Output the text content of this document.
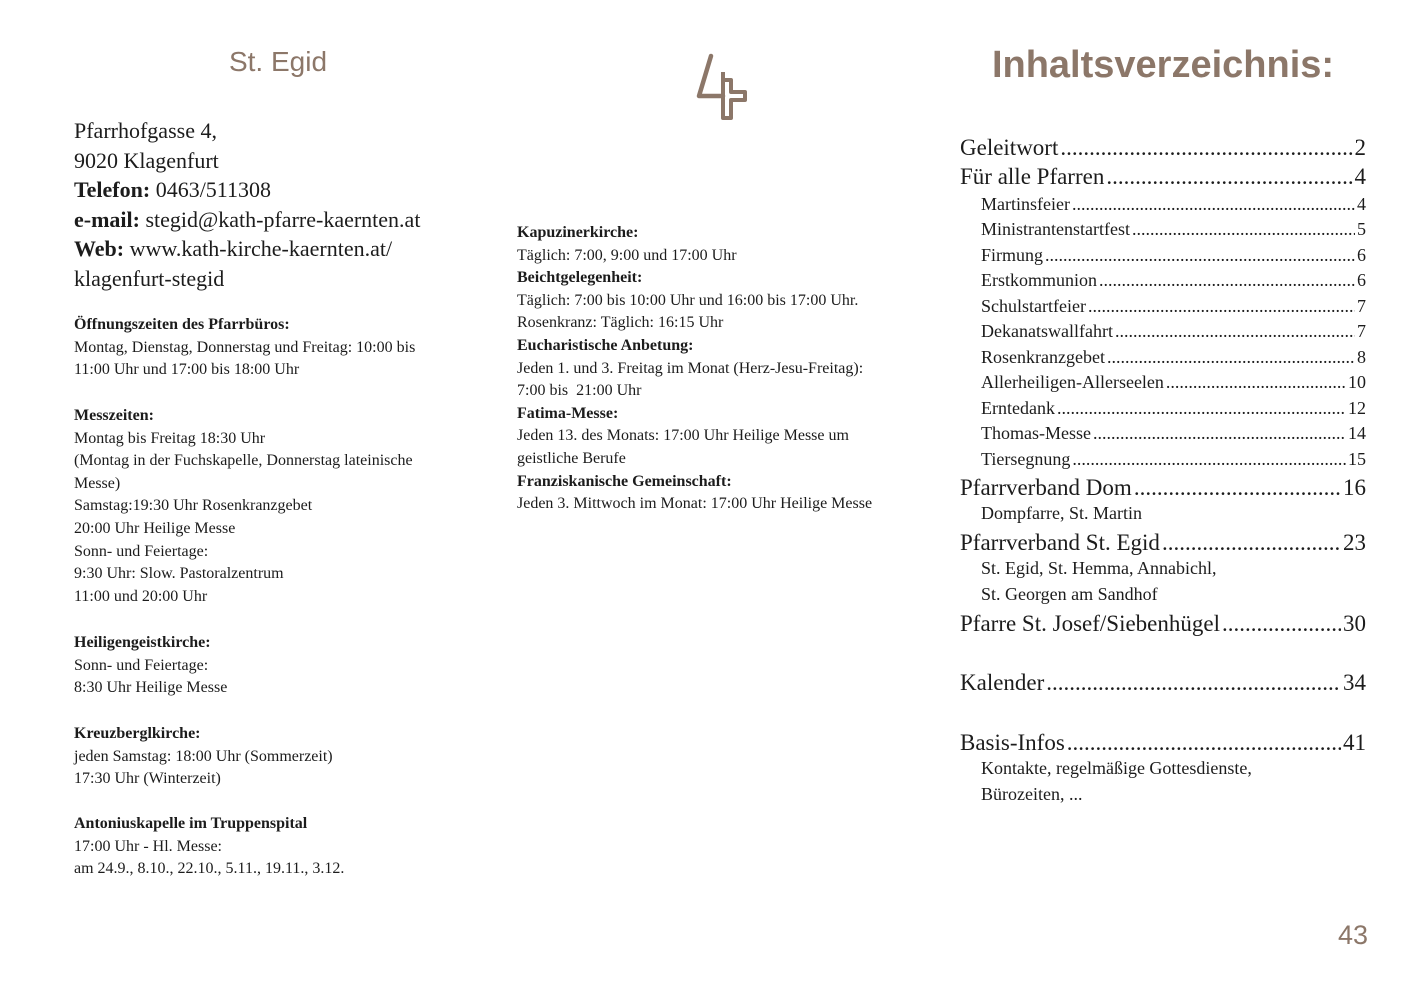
St. Egid
Pfarrhofgasse 4,
9020 Klagenfurt
Telefon: 0463/511308
e-mail: stegid@kath-pfarre-kaernten.at
Web: www.kath-kirche-kaernten.at/
klagenfurt-stegid
Öffnungszeiten des Pfarrbüros:
Montag, Dienstag, Donnerstag und Freitag: 10:00 bis
11:00 Uhr und 17:00 bis 18:00 Uhr
Messzeiten:
Montag bis Freitag 18:30 Uhr
(Montag in der Fuchskapelle, Donnerstag lateinische
Messe)
Samstag:19:30 Uhr Rosenkranzgebet
20:00 Uhr Heilige Messe
Sonn- und Feiertage:
9:30 Uhr: Slow. Pastoralzentrum
11:00 und 20:00 Uhr
Heiligengeistkirche:
Sonn- und Feiertage:
8:30 Uhr Heilige Messe
Kreuzberglkirche:
jeden Samstag: 18:00 Uhr (Sommerzeit)
17:30 Uhr (Winterzeit)
Antoniuskapelle im Truppenspital
17:00 Uhr - Hl. Messe:
am 24.9., 8.10., 22.10., 5.11., 19.11., 3.12.
Kapuzinerkirche:
Täglich: 7:00, 9:00 und 17:00 Uhr
Beichtgelegenheit:
Täglich: 7:00 bis 10:00 Uhr und 16:00 bis 17:00 Uhr.
Rosenkranz: Täglich: 16:15 Uhr
Eucharistische Anbetung:
Jeden 1. und 3. Freitag im Monat (Herz-Jesu-Freitag):
7:00 bis  21:00 Uhr
Fatima-Messe:
Jeden 13. des Monats: 17:00 Uhr Heilige Messe um
geistliche Berufe
Franziskanische Gemeinschaft:
Jeden 3. Mittwoch im Monat: 17:00 Uhr Heilige Messe
Inhaltsverzeichnis:
Geleitwort .....	2
Für alle Pfarren .....	4
Martinsfeier .....	4
Ministrantenstartfest .....	5
Firmung .....	6
Erstkommunion .....	6
Schulstartfeier .....	7
Dekanatswallfahrt .....	7
Rosenkranzgebet .....	8
Allerheiligen-Allerseelen .....	10
Erntedank .....	12
Thomas-Messe .....	14
Tiersegnung .....	15
Pfarrverband Dom .....	16
Dompfarre, St. Martin
Pfarrverband St. Egid .....	23
St. Egid, St. Hemma, Annabichl,
St. Georgen am Sandhof
Pfarre St. Josef/Siebenhügel .....	30
Kalender .....	34
Basis-Infos .....	41
Kontakte, regelmäßige Gottesdienste,
Bürozeiten, ...
43
